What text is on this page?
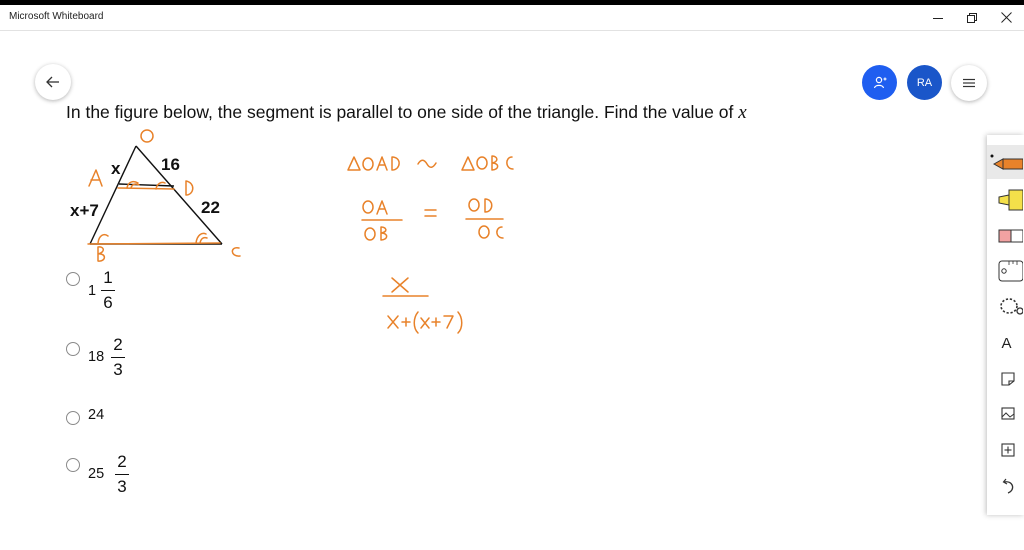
Microsoft Whiteboard
RA
In the figure below, the segment is parallel to one side of the triangle. Find the value of x
x 16
x+7	22
1
1
6
18
2
3
24
25
2
3
A
